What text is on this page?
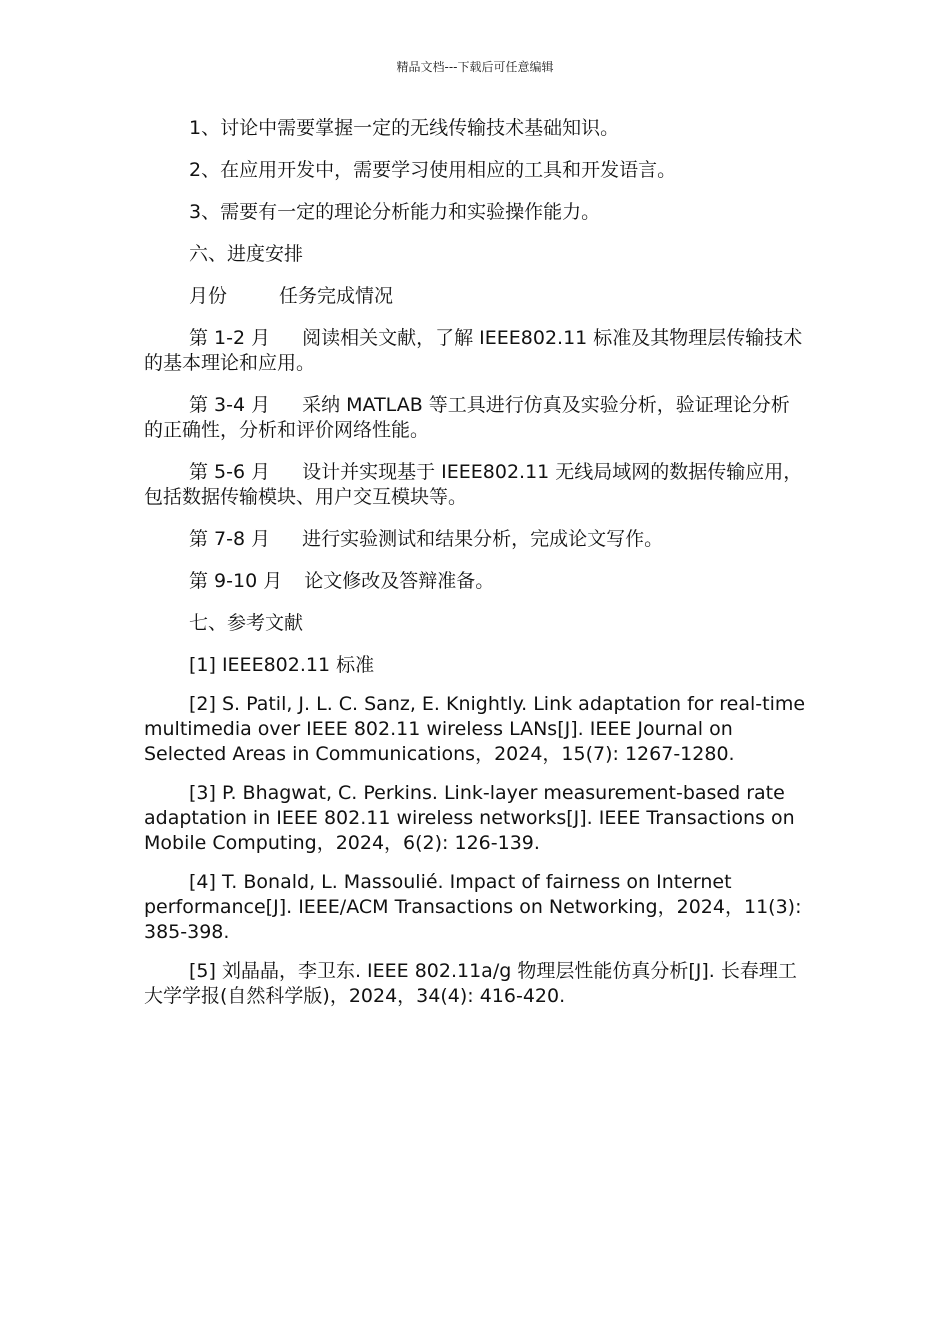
精品文档---下载后可任意编辑

1、讨论中需要掌握一定的无线传输技术基础知识。

2、在应用开发中，需要学习使用相应的工具和开发语言。

3、需要有一定的理论分析能力和实验操作能力。

六、进度安排

月份	任务完成情况

第 1-2 月 阅读相关文献，了解 IEEE802.11 标准及其物理层传输技术的基本理论和应用。

第 3-4 月 采纳 MATLAB 等工具进行仿真及实验分析，验证理论分析的正确性，分析和评价网络性能。

第 5-6 月 设计并实现基于 IEEE802.11 无线局域网的数据传输应用，包括数据传输模块、用户交互模块等。

第 7-8 月 进行实验测试和结果分析，完成论文写作。

第 9-10 月 论文修改及答辩准备。

七、参考文献

[1] IEEE802.11 标准

[2] S. Patil, J. L. C. Sanz, E. Knightly. Link adaptation for real-time multimedia over IEEE 802.11 wireless LANs[J]. IEEE Journal on Selected Areas in Communications，2024，15(7): 1267-1280.

[3] P. Bhagwat, C. Perkins. Link-layer measurement-based rate adaptation in IEEE 802.11 wireless networks[J]. IEEE Transactions on Mobile Computing，2024，6(2): 126-139.

[4] T. Bonald, L. Massoulié. Impact of fairness on Internet performance[J]. IEEE/ACM Transactions on Networking，2024，11(3): 385-398.

[5] 刘晶晶，李卫东. IEEE 802.11a/g 物理层性能仿真分析[J]. 长春理工大学学报(自然科学版)，2024，34(4): 416-420.
